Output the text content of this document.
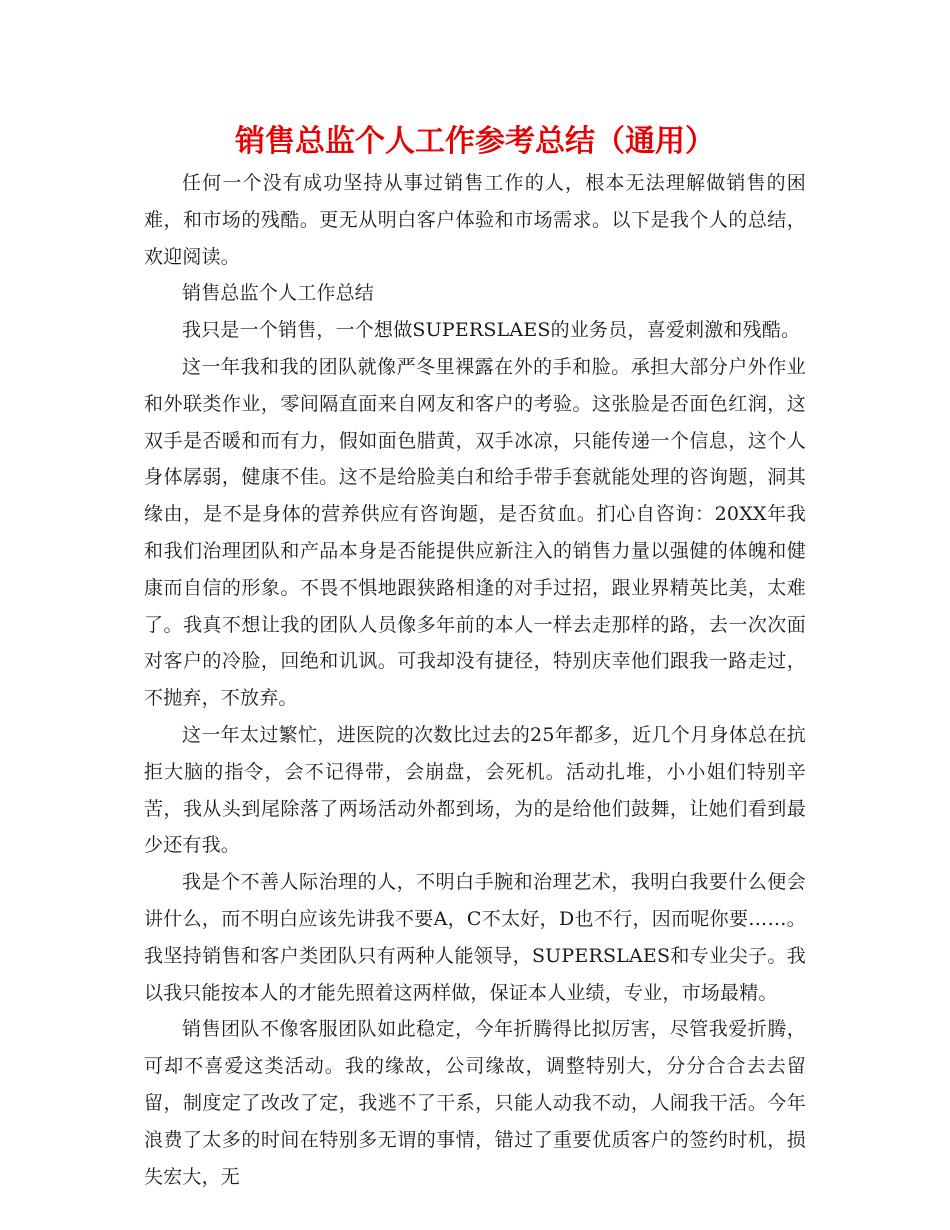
销售总监个人工作参考总结（通用）

任何一个没有成功坚持从事过销售工作的人，根本无法理解做销售的困难，和市场的残酷。更无从明白客户体验和市场需求。以下是我个人的总结，欢迎阅读。

销售总监个人工作总结

我只是一个销售，一个想做SUPERSLAES的业务员，喜爱刺激和残酷。

这一年我和我的团队就像严冬里裸露在外的手和脸。承担大部分户外作业和外联类作业，零间隔直面来自网友和客户的考验。这张脸是否面色红润，这双手是否暖和而有力，假如面色腊黄，双手冰凉，只能传递一个信息，这个人身体孱弱，健康不佳。这不是给脸美白和给手带手套就能处理的咨询题，洞其缘由，是不是身体的营养供应有咨询题，是否贫血。扪心自咨询：20XX年我和我们治理团队和产品本身是否能提供应新注入的销售力量以强健的体魄和健康而自信的形象。不畏不惧地跟狭路相逢的对手过招，跟业界精英比美，太难了。我真不想让我的团队人员像多年前的本人一样去走那样的路，去一次次面对客户的冷脸，回绝和讥讽。可我却没有捷径，特别庆幸他们跟我一路走过，不抛弃，不放弃。

这一年太过繁忙，进医院的次数比过去的25年都多，近几个月身体总在抗拒大脑的指令，会不记得带，会崩盘，会死机。活动扎堆，小小姐们特别辛苦，我从头到尾除落了两场活动外都到场，为的是给他们鼓舞，让她们看到最少还有我。

我是个不善人际治理的人，不明白手腕和治理艺术，我明白我要什么便会讲什么，而不明白应该先讲我不要A，C不太好，D也不行，因而呢你要……。我坚持销售和客户类团队只有两种人能领导，SUPERSLAES和专业尖子。我以我只能按本人的才能先照着这两样做，保证本人业绩，专业，市场最精。

销售团队不像客服团队如此稳定，今年折腾得比拟厉害，尽管我爱折腾，可却不喜爱这类活动。我的缘故，公司缘故，调整特别大，分分合合去去留留，制度定了改改了定，我逃不了干系，只能人动我不动，人闹我干活。今年浪费了太多的时间在特别多无谓的事情，错过了重要优质客户的签约时机，损失宏大，无
